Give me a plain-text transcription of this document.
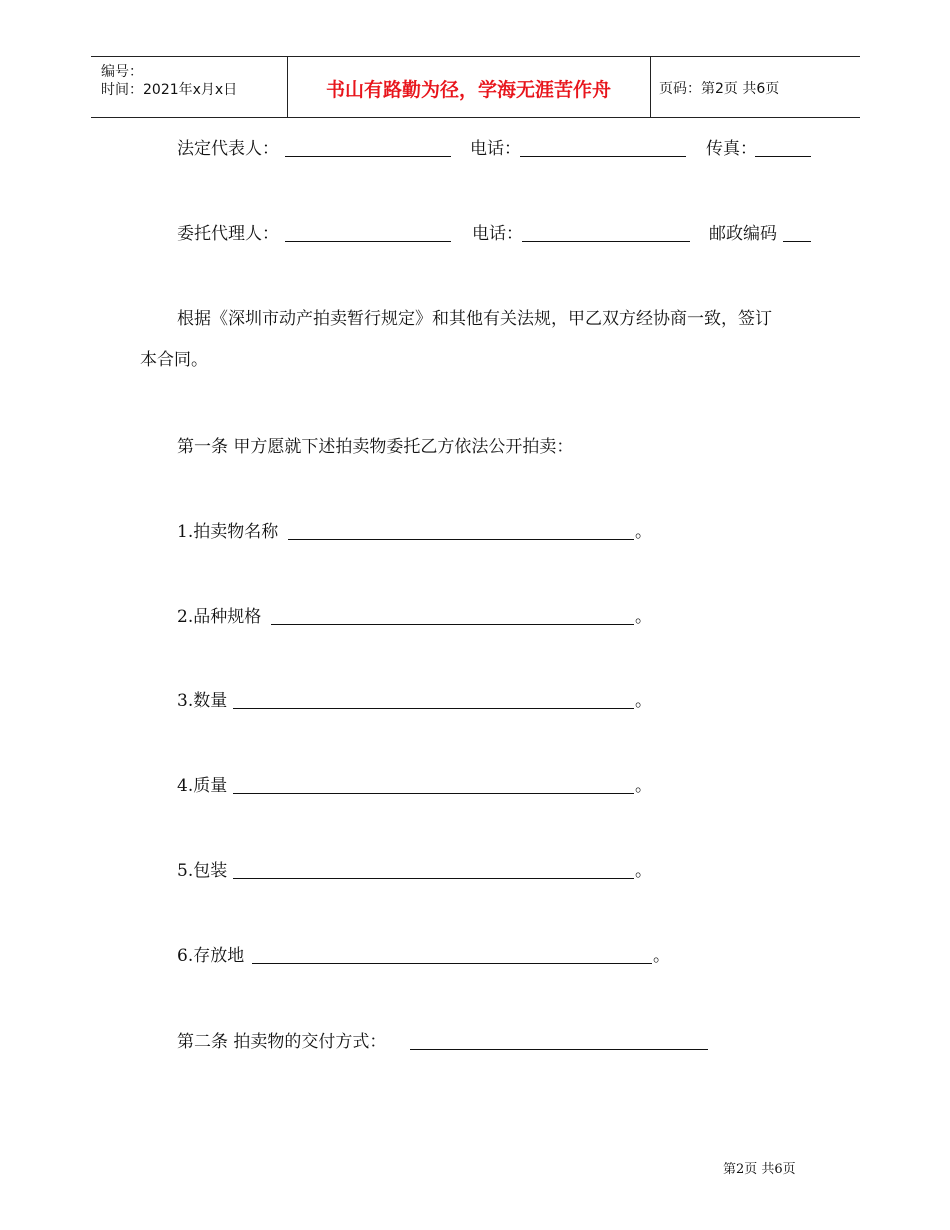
编号：
时间：2021年x月x日	书山有路勤为径，学海无涯苦作舟	页码：第2页 共6页
法定代表人：	电话：	传真：
委托代理人：	电话：	邮政编码
根据《深圳市动产拍卖暂行规定》和其他有关法规，甲乙双方经协商一致，签订
本合同。
第一条 甲方愿就下述拍卖物委托乙方依法公开拍卖：
1.拍卖物名称	。
2.品种规格	。
3.数量	。
4.质量	。
5.包装	。
6.存放地	。
第二条 拍卖物的交付方式：
第2页 共6页
